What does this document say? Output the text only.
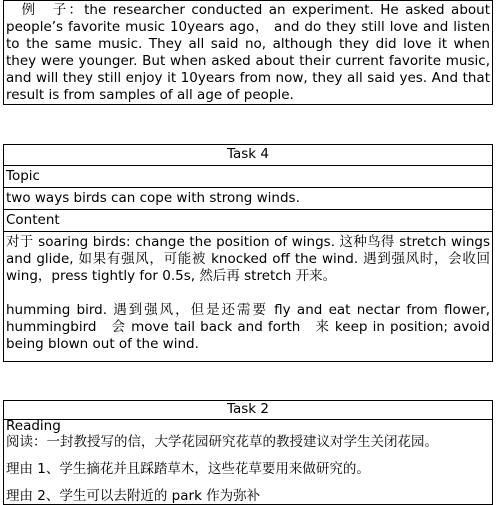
　例　子：the researcher conducted an experiment. He asked about people’s favorite music 10years ago， and do they still love and listen to the same music. They all said no, although they did love it when they were younger. But when asked about their current favorite music, and will they still enjoy it 10years from now, they all said yes. And that result is from samples of all age of people.
Task 4
Topic
two ways birds can cope with strong winds.
Content

对于 soaring birds: change the position of wings. 这种鸟得 stretch wings and glide, 如果有强风，可能被 knocked off the wind. 遇到强风时，会收回 wing，press tightly for 0.5s, 然后再 stretch 开来。

humming bird. 遇到强风，但是还需要 fly and eat nectar from flower, hummingbird　会 move tail back and forth　来 keep in position; avoid being blown out of the wind.

Task 2

Reading

阅读：一封教授写的信，大学花园研究花草的教授建议对学生关闭花园。

理由 1、学生摘花并且踩踏草木，这些花草要用来做研究的。

理由 2、学生可以去附近的 park 作为弥补
